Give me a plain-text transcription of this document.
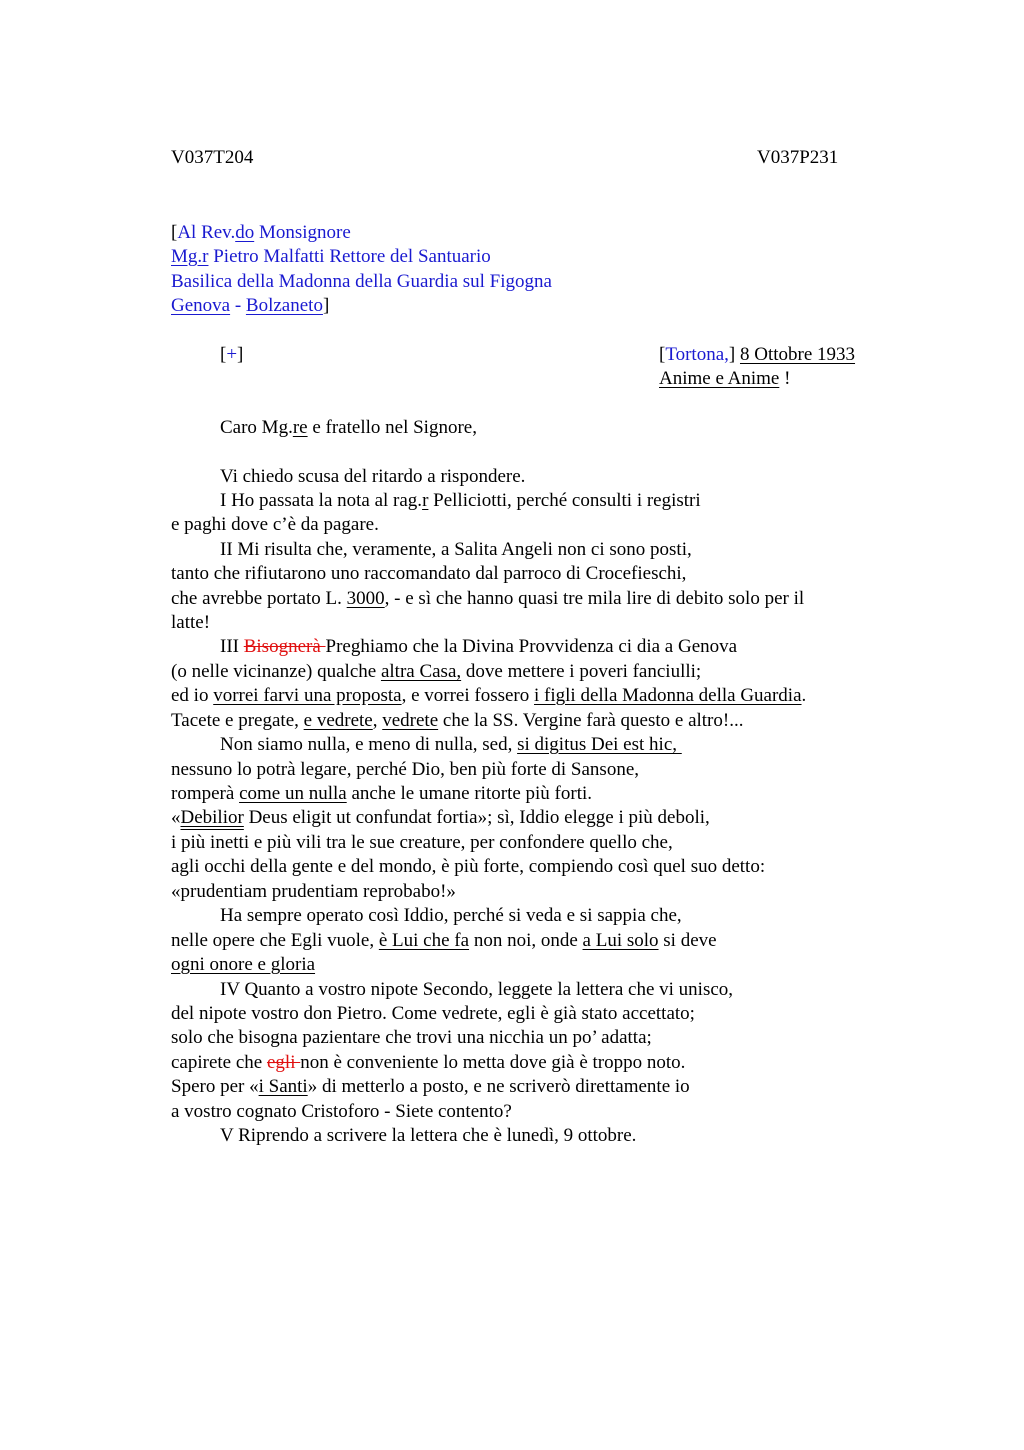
V037T204	V037P231
[Al Rev.do Monsignore
Mg.r Pietro Malfatti Rettore del Santuario
Basilica della Madonna della Guardia sul Figogna
Genova - Bolzaneto]
[+]	[Tortona,] 8 Ottobre 1933
Anime e Anime !
Caro Mg.re e fratello nel Signore,
Vi chiedo scusa del ritardo a rispondere.
I Ho passata la nota al rag.r Pelliciotti, perché consulti i registri
e paghi dove c’è da pagare.
II Mi risulta che, veramente, a Salita Angeli non ci sono posti,
tanto che rifiutarono uno raccomandato dal parroco di Crocefieschi,
che avrebbe portato L. 3000, - e sì che hanno quasi tre mila lire di debito solo per il
latte!
III Bisognerà Preghiamo che la Divina Provvidenza ci dia a Genova
(o nelle vicinanze) qualche altra Casa, dove mettere i poveri fanciulli;
ed io vorrei farvi una proposta, e vorrei fossero i figli della Madonna della Guardia.
Tacete e pregate, e vedrete, vedrete che la SS. Vergine farà questo e altro!...
Non siamo nulla, e meno di nulla, sed, si digitus Dei est hic,
nessuno lo potrà legare, perché Dio, ben più forte di Sansone,
romperà come un nulla anche le umane ritorte più forti.
«Debilior Deus eligit ut confundat fortia»; sì, Iddio elegge i più deboli,
i più inetti e più vili tra le sue creature, per confondere quello che,
agli occhi della gente e del mondo, è più forte, compiendo così quel suo detto:
«prudentiam prudentiam reprobabo!»
Ha sempre operato così Iddio, perché si veda e si sappia che,
nelle opere che Egli vuole, è Lui che fa non noi, onde a Lui solo si deve
ogni onore e gloria
IV Quanto a vostro nipote Secondo, leggete la lettera che vi unisco,
del nipote vostro don Pietro. Come vedrete, egli è già stato accettato;
solo che bisogna pazientare che trovi una nicchia un po’ adatta;
capirete che egli non è conveniente lo metta dove già è troppo noto.
Spero per «i Santi» di metterlo a posto, e ne scriverò direttamente io
a vostro cognato Cristoforo - Siete contento?
V Riprendo a scrivere la lettera che è lunedì, 9 ottobre.
